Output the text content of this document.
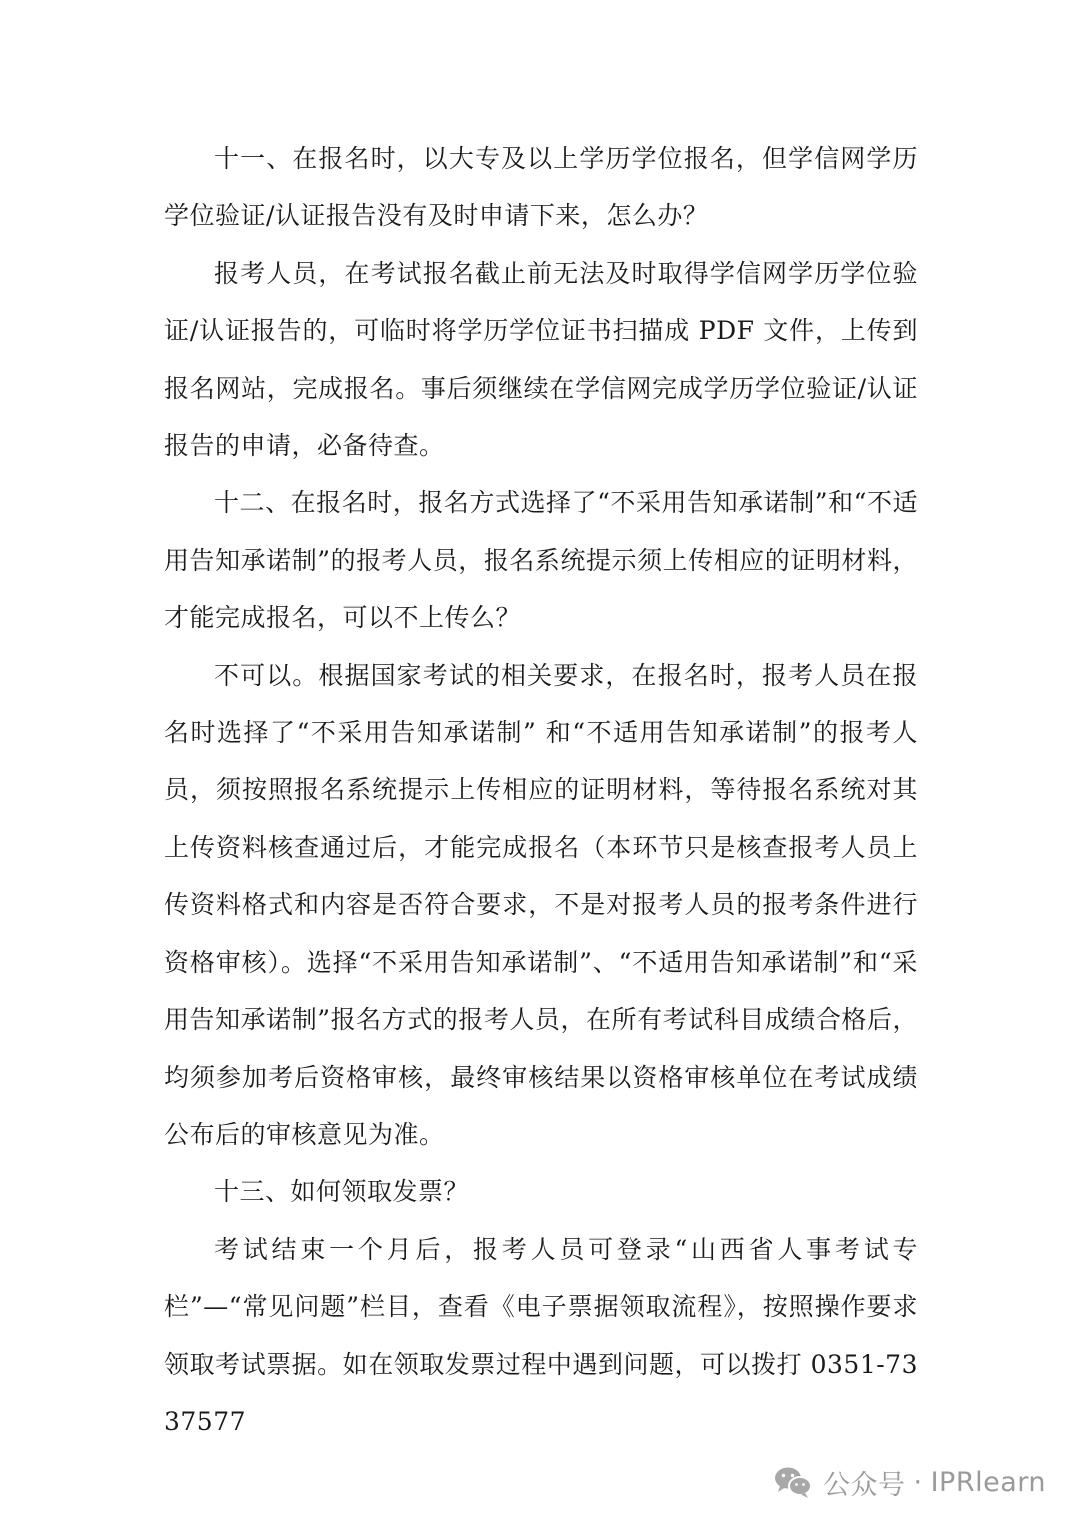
十一、在报名时，以大专及以上学历学位报名，但学信网学历学位验证/认证报告没有及时申请下来，怎么办？

报考人员，在考试报名截止前无法及时取得学信网学历学位验证/认证报告的，可临时将学历学位证书扫描成 PDF 文件，上传到报名网站，完成报名。事后须继续在学信网完成学历学位验证/认证报告的申请，必备待查。

十二、在报名时，报名方式选择了“不采用告知承诺制”和“不适用告知承诺制”的报考人员，报名系统提示须上传相应的证明材料，才能完成报名，可以不上传么？

不可以。根据国家考试的相关要求，在报名时，报考人员在报名时选择了“不采用告知承诺制” 和“不适用告知承诺制”的报考人员，须按照报名系统提示上传相应的证明材料，等待报名系统对其上传资料核查通过后，才能完成报名（本环节只是核查报考人员上传资料格式和内容是否符合要求，不是对报考人员的报考条件进行资格审核）。选择“不采用告知承诺制”、“不适用告知承诺制”和“采用告知承诺制”报名方式的报考人员，在所有考试科目成绩合格后，均须参加考后资格审核，最终审核结果以资格审核单位在考试成绩公布后的审核意见为准。

十三、如何领取发票？

考试结束一个月后，报考人员可登录“山西省人事考试专栏”—“常见问题”栏目，查看《电子票据领取流程》，按照操作要求领取考试票据。如在领取发票过程中遇到问题，可以拨打 0351-7337577

公众号 · IPRlearn
